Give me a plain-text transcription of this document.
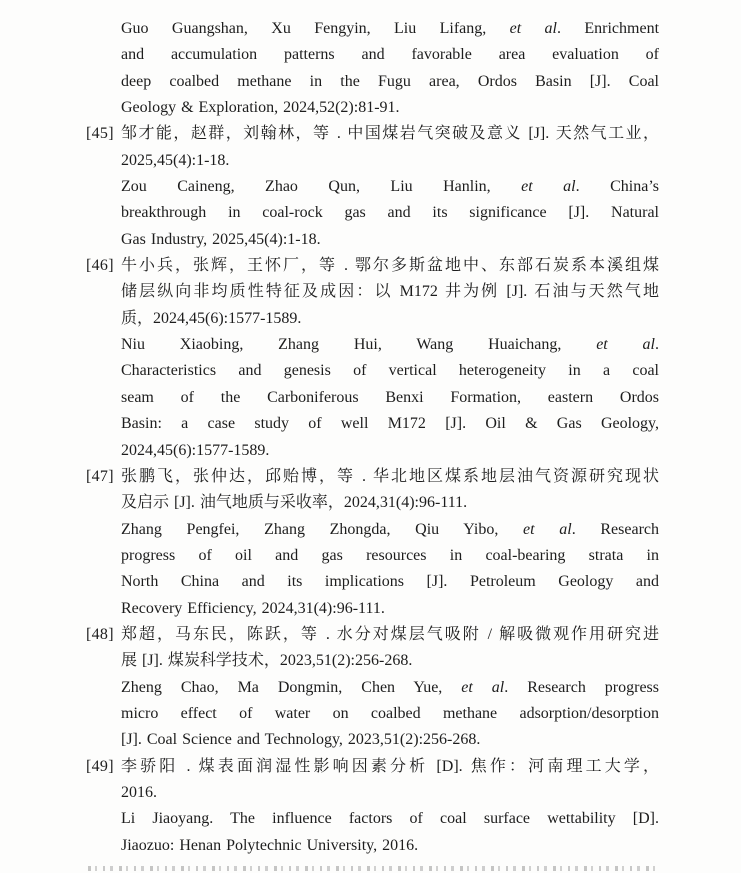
Guo Guangshan, Xu Fengyin, Liu Lifang, et al. Enrichment
and accumulation patterns and favorable area evaluation of
deep coalbed methane in the Fugu area, Ordos Basin [J]. Coal
Geology & Exploration, 2024,52(2):81-91.
[45] 邹才能，赵群，刘翰林，等 . 中国煤岩气突破及意义 [J]. 天然气工业，
2025,45(4):1-18.
Zou Caineng, Zhao Qun, Liu Hanlin, et al. China’s
breakthrough in coal-rock gas and its significance [J]. Natural
Gas Industry, 2025,45(4):1-18.
[46] 牛小兵，张辉，王怀厂，等 . 鄂尔多斯盆地中、东部石炭系本溪组煤
储层纵向非均质性特征及成因：以 M172 井为例 [J]. 石油与天然气地
质，2024,45(6):1577-1589.
Niu Xiaobing, Zhang Hui, Wang Huaichang, et al.
Characteristics and genesis of vertical heterogeneity in a coal
seam of the Carboniferous Benxi Formation, eastern Ordos
Basin: a case study of well M172 [J]. Oil & Gas Geology,
2024,45(6):1577-1589.
[47] 张鹏飞，张仲达，邱贻博，等 . 华北地区煤系地层油气资源研究现状
及启示 [J]. 油气地质与采收率，2024,31(4):96-111.
Zhang Pengfei, Zhang Zhongda, Qiu Yibo, et al. Research
progress of oil and gas resources in coal-bearing strata in
North China and its implications [J]. Petroleum Geology and
Recovery Efficiency, 2024,31(4):96-111.
[48] 郑超，马东民，陈跃，等 . 水分对煤层气吸附 / 解吸微观作用研究进
展 [J]. 煤炭科学技术，2023,51(2):256-268.
Zheng Chao, Ma Dongmin, Chen Yue, et al. Research progress
micro effect of water on coalbed methane adsorption/desorption
[J]. Coal Science and Technology, 2023,51(2):256-268.
[49] 李骄阳 . 煤表面润湿性影响因素分析 [D]. 焦作：河南理工大学，
2016.
Li Jiaoyang. The influence factors of coal surface wettability [D].
Jiaozuo: Henan Polytechnic University, 2016.
